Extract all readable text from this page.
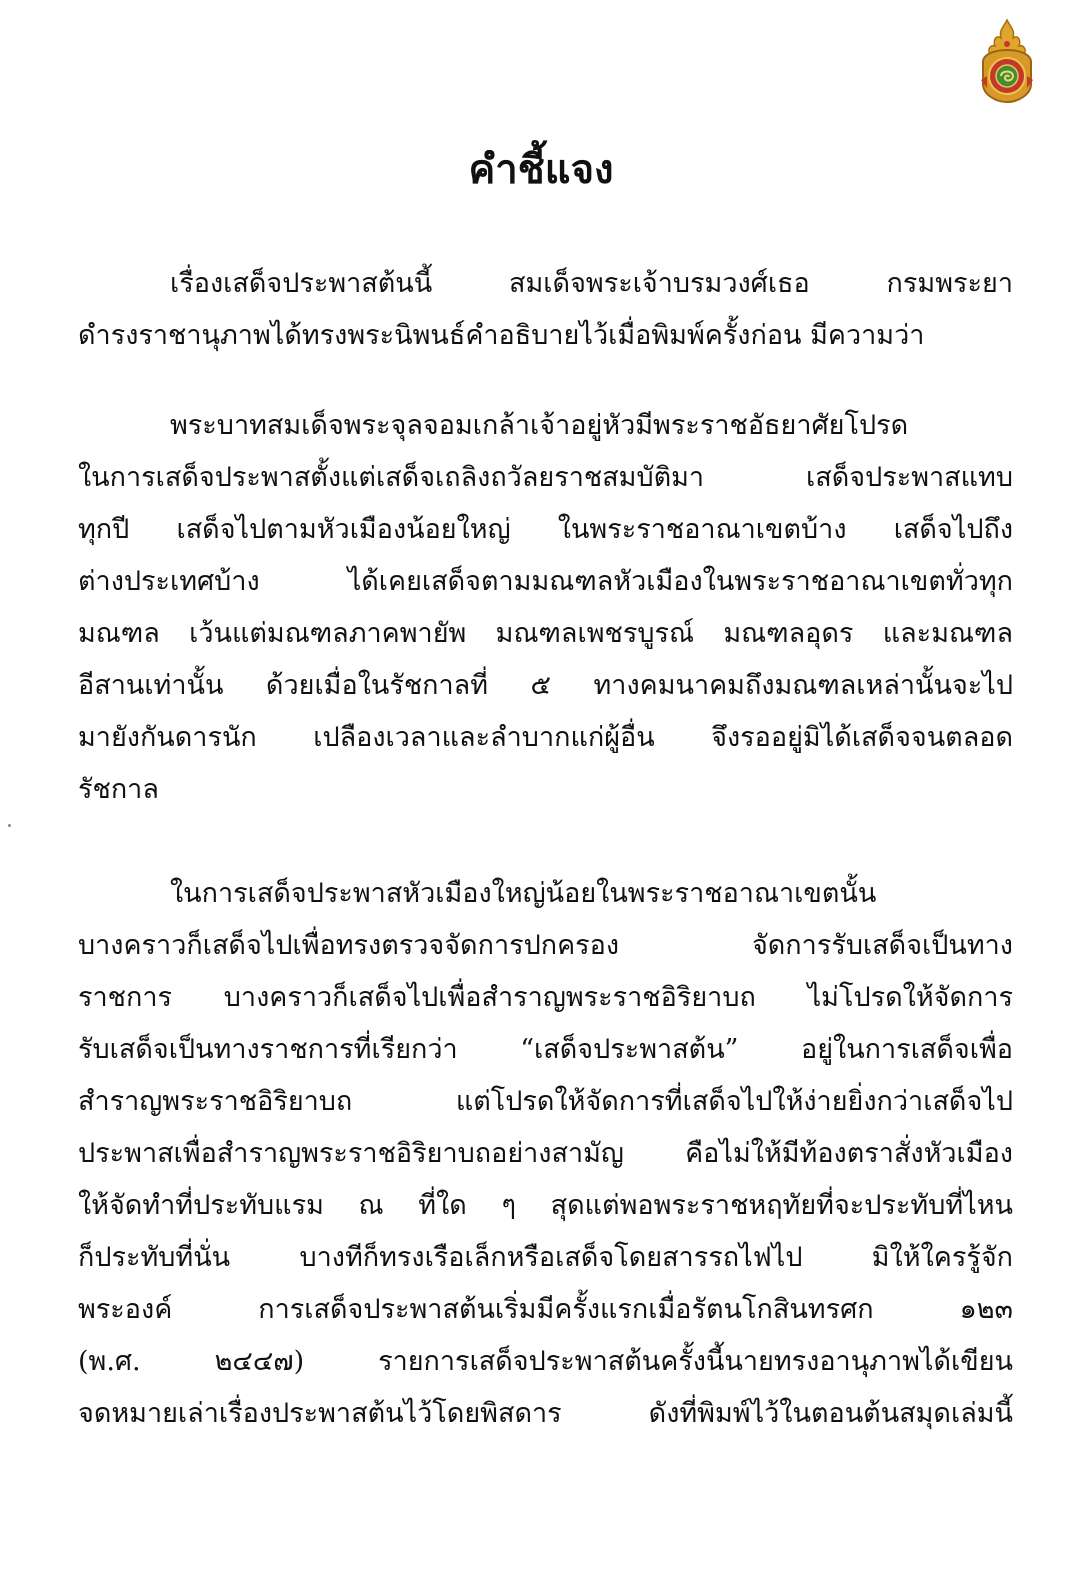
คำชี้แจง
เรื่องเสด็จประพาสต้นนี้ สมเด็จพระเจ้าบรมวงศ์เธอ กรมพระยา
ดำรงราชานุภาพได้ทรงพระนิพนธ์คำอธิบายไว้เมื่อพิมพ์ครั้งก่อน มีความว่า
พระบาทสมเด็จพระจุลจอมเกล้าเจ้าอยู่หัวมีพระราชอัธยาศัยโปรด
ในการเสด็จประพาสตั้งแต่เสด็จเถลิงถวัลยราชสมบัติมา เสด็จประพาสแทบ
ทุกปี เสด็จไปตามหัวเมืองน้อยใหญ่ ในพระราชอาณาเขตบ้าง เสด็จไปถึง
ต่างประเทศบ้าง ได้เคยเสด็จตามมณฑลหัวเมืองในพระราชอาณาเขตทั่วทุก
มณฑล เว้นแต่มณฑลภาคพายัพ มณฑลเพชรบูรณ์ มณฑลอุดร และมณฑล
อีสานเท่านั้น ด้วยเมื่อในรัชกาลที่ ๕ ทางคมนาคมถึงมณฑลเหล่านั้นจะไป
มายังกันดารนัก เปลืองเวลาและลำบากแก่ผู้อื่น จึงรออยู่มิได้เสด็จจนตลอด
รัชกาล
ในการเสด็จประพาสหัวเมืองใหญ่น้อยในพระราชอาณาเขตนั้น
บางคราวก็เสด็จไปเพื่อทรงตรวจจัดการปกครอง จัดการรับเสด็จเป็นทาง
ราชการ บางคราวก็เสด็จไปเพื่อสำราญพระราชอิริยาบถ ไม่โปรดให้จัดการ
รับเสด็จเป็นทางราชการที่เรียกว่า “เสด็จประพาสต้น” อยู่ในการเสด็จเพื่อ
สำราญพระราชอิริยาบถ แต่โปรดให้จัดการที่เสด็จไปให้ง่ายยิ่งกว่าเสด็จไป
ประพาสเพื่อสำราญพระราชอิริยาบถอย่างสามัญ คือไม่ให้มีท้องตราสั่งหัวเมือง
ให้จัดทำที่ประทับแรม ณ ที่ใด ๆ สุดแต่พอพระราชหฤทัยที่จะประทับที่ไหน
ก็ประทับที่นั่น บางทีก็ทรงเรือเล็กหรือเสด็จโดยสารรถไฟไป มิให้ใครรู้จัก
พระองค์ การเสด็จประพาสต้นเริ่มมีครั้งแรกเมื่อรัตนโกสินทรศก ๑๒๓
(พ.ศ. ๒๔๔๗) รายการเสด็จประพาสต้นครั้งนี้นายทรงอานุภาพได้เขียน
จดหมายเล่าเรื่องประพาสต้นไว้โดยพิสดาร ดังที่พิมพ์ไว้ในตอนต้นสมุดเล่มนี้
